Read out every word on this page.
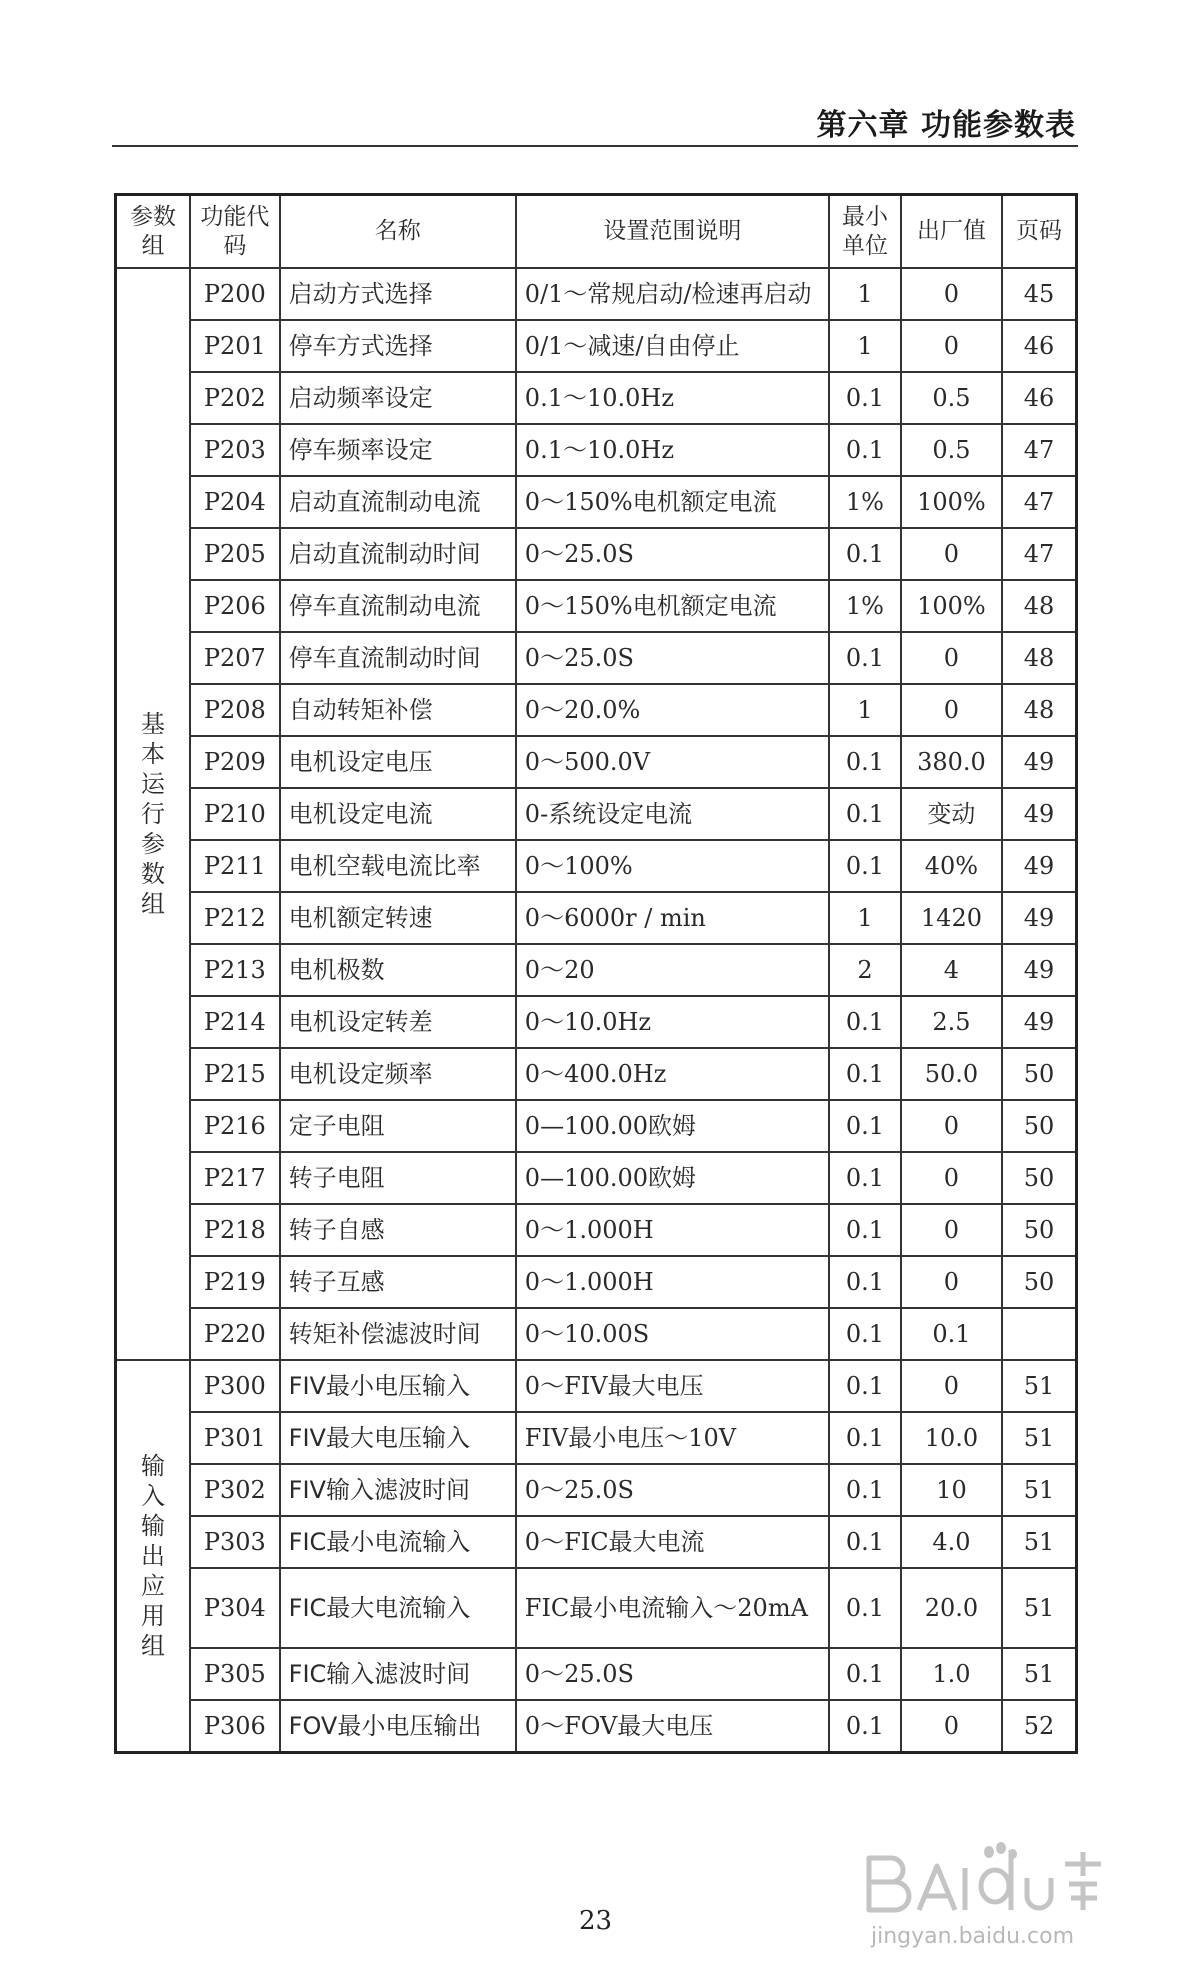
第六章 功能参数表
参数组	功能代码	名称	设置范围说明	最小单位	出厂值	页码
基本运行参数组	P200	启动方式选择	0/1～常规启动/检速再启动	1	0	45
	P201	停车方式选择	0/1～减速/自由停止	1	0	46
	P202	启动频率设定	0.1～10.0Hz	0.1	0.5	46
	P203	停车频率设定	0.1～10.0Hz	0.1	0.5	47
	P204	启动直流制动电流	0～150%电机额定电流	1%	100%	47
	P205	启动直流制动时间	0～25.0S	0.1	0	47
	P206	停车直流制动电流	0～150%电机额定电流	1%	100%	48
	P207	停车直流制动时间	0～25.0S	0.1	0	48
	P208	自动转矩补偿	0～20.0%	1	0	48
	P209	电机设定电压	0～500.0V	0.1	380.0	49
	P210	电机设定电流	0-系统设定电流	0.1	变动	49
	P211	电机空载电流比率	0～100%	0.1	40%	49
	P212	电机额定转速	0～6000r / min	1	1420	49
	P213	电机极数	0～20	2	4	49
	P214	电机设定转差	0～10.0Hz	0.1	2.5	49
	P215	电机设定频率	0～400.0Hz	0.1	50.0	50
	P216	定子电阻	0—100.00欧姆	0.1	0	50
	P217	转子电阻	0—100.00欧姆	0.1	0	50
	P218	转子自感	0～1.000H	0.1	0	50
	P219	转子互感	0～1.000H	0.1	0	50
	P220	转矩补偿滤波时间	0～10.00S	0.1	0.1	
输入输出应用组	P300	FIV最小电压输入	0～FIV最大电压	0.1	0	51
	P301	FIV最大电压输入	FIV最小电压～10V	0.1	10.0	51
	P302	FIV输入滤波时间	0～25.0S	0.1	10	51
	P303	FIC最小电流输入	0～FIC最大电流	0.1	4.0	51
	P304	FIC最大电流输入	FIC最小电流输入～20mA	0.1	20.0	51
	P305	FIC输入滤波时间	0～25.0S	0.1	1.0	51
	P306	FOV最小电压输出	0～FOV最大电压	0.1	0	52
23
jingyan.baidu.com
